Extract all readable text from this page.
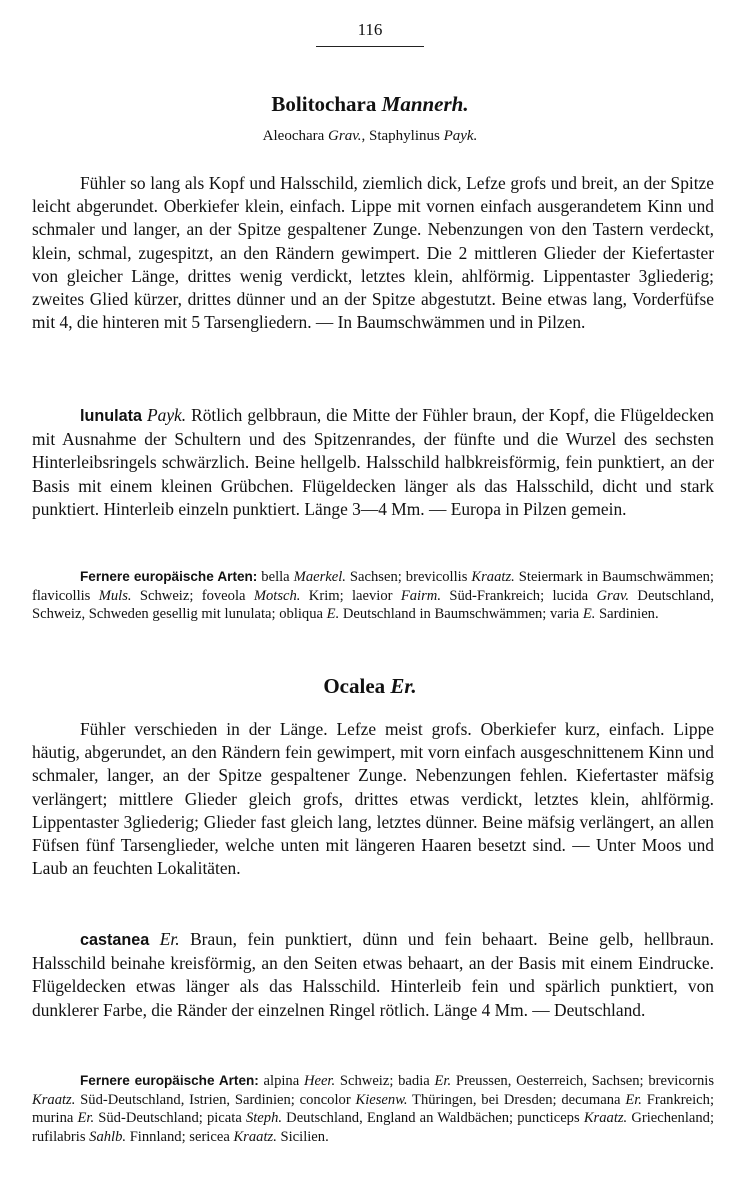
116
Bolitochara Mannerh.
Aleochara Grav., Staphylinus Payk.

Fühler so lang als Kopf und Halsschild, ziemlich dick, Lefze grofs und breit, an der Spitze leicht abgerundet. Oberkiefer klein, einfach. Lippe mit vornen einfach ausgerandetem Kinn und schmaler und langer, an der Spitze gespaltener Zunge. Nebenzungen von den Tastern verdeckt, klein, schmal, zugespitzt, an den Rändern gewimpert. Die 2 mittleren Glieder der Kiefertaster von gleicher Länge, drittes wenig verdickt, letztes klein, ahlförmig. Lippentaster 3gliederig; zweites Glied kürzer, drittes dünner und an der Spitze abgestutzt. Beine etwas lang, Vorderfüfse mit 4, die hinteren mit 5 Tarsengliedern. — In Baumschwämmen und in Pilzen.

lunulata Payk. Rötlich gelbbraun, die Mitte der Fühler braun, der Kopf, die Flügeldecken mit Ausnahme der Schultern und des Spitzenrandes, der fünfte und die Wurzel des sechsten Hinterleibsringels schwärzlich. Beine hellgelb. Halsschild halbkreisförmig, fein punktiert, an der Basis mit einem kleinen Grübchen. Flügeldecken länger als das Halsschild, dicht und stark punktiert. Hinterleib einzeln punktiert. Länge 3—4 Mm. — Europa in Pilzen gemein.

Fernere europäische Arten: bella Maerkel. Sachsen; brevicollis Kraatz. Steiermark in Baumschwämmen; flavicollis Muls. Schweiz; foveola Motsch. Krim; laevior Fairm. Süd-Frankreich; lucida Grav. Deutschland, Schweiz, Schweden gesellig mit lunulata; obliqua E. Deutschland in Baumschwämmen; varia E. Sardinien.

Ocalea Er.

Fühler verschieden in der Länge. Lefze meist grofs. Oberkiefer kurz, einfach. Lippe häutig, abgerundet, an den Rändern fein gewimpert, mit vorn einfach ausgeschnittenem Kinn und schmaler, langer, an der Spitze gespaltener Zunge. Nebenzungen fehlen. Kiefertaster mäfsig verlängert; mittlere Glieder gleich grofs, drittes etwas verdickt, letztes klein, ahlförmig. Lippentaster 3gliederig; Glieder fast gleich lang, letztes dünner. Beine mäfsig verlängert, an allen Füfsen fünf Tarsenglieder, welche unten mit längeren Haaren besetzt sind. — Unter Moos und Laub an feuchten Lokalitäten.

castanea Er. Braun, fein punktiert, dünn und fein behaart. Beine gelb, hellbraun. Halsschild beinahe kreisförmig, an den Seiten etwas behaart, an der Basis mit einem Eindrucke. Flügeldecken etwas länger als das Halsschild. Hinterleib fein und spärlich punktiert, von dunklerer Farbe, die Ränder der einzelnen Ringel rötlich. Länge 4 Mm. — Deutschland.

Fernere europäische Arten: alpina Heer. Schweiz; badia Er. Preussen, Oesterreich, Sachsen; brevicornis Kraatz. Süd-Deutschland, Istrien, Sardinien; concolor Kiesenw. Thüringen, bei Dresden; decumana Er. Frankreich; murina Er. Süd-Deutschland; picata Steph. Deutschland, England an Waldbächen; puncticeps Kraatz. Griechenland; rufilabris Sahlb. Finnland; sericea Kraatz. Sicilien.
